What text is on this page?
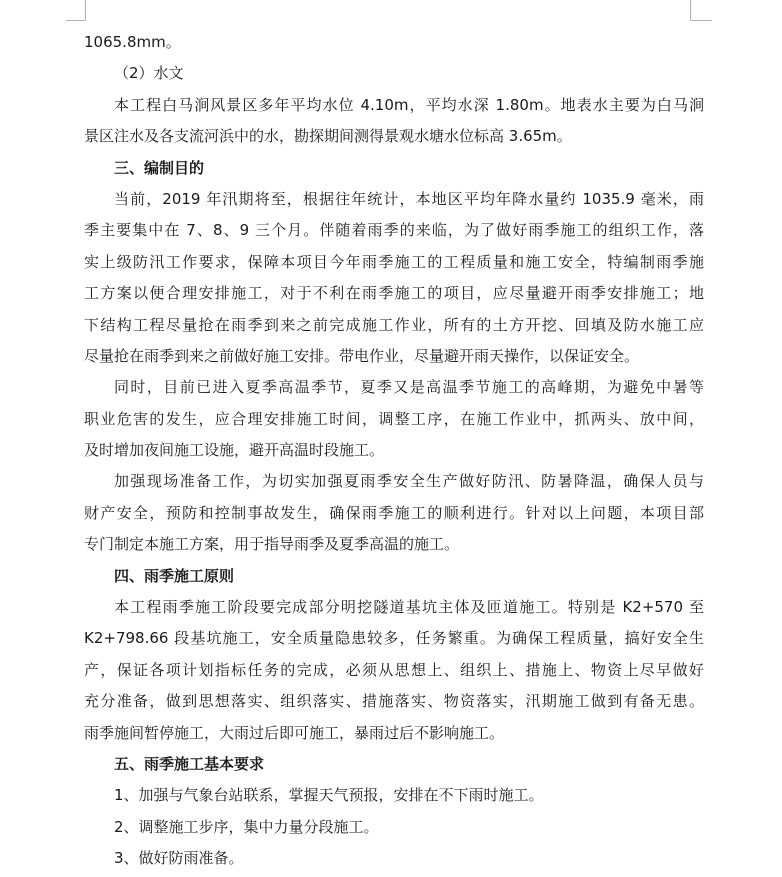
1065.8mm。
（2）水文
本工程白马涧风景区多年平均水位 4.10m，平均水深 1.80m。地表水主要为白马涧
景区注水及各支流河浜中的水，勘探期间测得景观水塘水位标高 3.65m。
三、编制目的
当前，2019 年汛期将至，根据往年统计，本地区平均年降水量约 1035.9 毫米，雨
季主要集中在 7、8、9 三个月。伴随着雨季的来临，为了做好雨季施工的组织工作，落
实上级防汛工作要求，保障本项目今年雨季施工的工程质量和施工安全，特编制雨季施
工方案以便合理安排施工，对于不利在雨季施工的项目，应尽量避开雨季安排施工；地
下结构工程尽量抢在雨季到来之前完成施工作业，所有的土方开挖、回填及防水施工应
尽量抢在雨季到来之前做好施工安排。带电作业，尽量避开雨天操作，以保证安全。
同时，目前已进入夏季高温季节，夏季又是高温季节施工的高峰期，为避免中暑等
职业危害的发生，应合理安排施工时间，调整工序，在施工作业中，抓两头、放中间，
及时增加夜间施工设施，避开高温时段施工。
加强现场准备工作，为切实加强夏雨季安全生产做好防汛、防暑降温，确保人员与
财产安全，预防和控制事故发生，确保雨季施工的顺利进行。针对以上问题，本项目部
专门制定本施工方案，用于指导雨季及夏季高温的施工。
四、雨季施工原则
本工程雨季施工阶段要完成部分明挖隧道基坑主体及匝道施工。特别是 K2+570 至
K2+798.66 段基坑施工，安全质量隐患较多，任务繁重。为确保工程质量，搞好安全生
产，保证各项计划指标任务的完成，必须从思想上、组织上、措施上、物资上尽早做好
充分准备，做到思想落实、组织落实、措施落实、物资落实，汛期施工做到有备无患。
雨季施间暂停施工，大雨过后即可施工，暴雨过后不影响施工。
五、雨季施工基本要求
1、加强与气象台站联系，掌握天气预报，安排在不下雨时施工。
2、调整施工步序，集中力量分段施工。
3、做好防雨准备。
